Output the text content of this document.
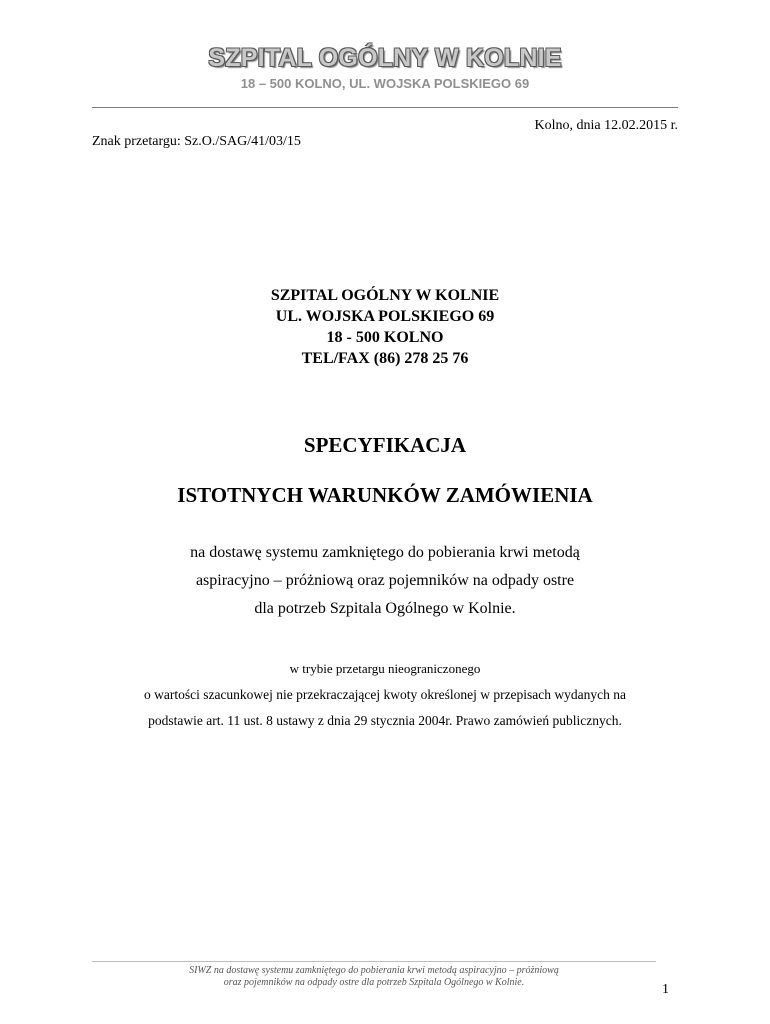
SZPITAL OGÓLNY W KOLNIE
18 – 500 KOLNO, UL. WOJSKA POLSKIEGO 69
Kolno, dnia 12.02.2015 r.
Znak przetargu: Sz.O./SAG/41/03/15
SZPITAL OGÓLNY W KOLNIE
UL. WOJSKA POLSKIEGO 69
18 - 500 KOLNO
TEL/FAX (86) 278 25 76
SPECYFIKACJA
ISTOTNYCH WARUNKÓW ZAMÓWIENIA
na dostawę systemu zamkniętego do pobierania krwi metodą
aspiracyjno – próżniową oraz pojemników na odpady ostre
dla potrzeb Szpitala Ogólnego w Kolnie.
w trybie przetargu nieograniczonego
o wartości szacunkowej nie przekraczającej kwoty określonej w przepisach wydanych na
podstawie art. 11 ust. 8 ustawy z dnia 29 stycznia 2004r. Prawo zamówień publicznych.
SIWZ na dostawę systemu zamkniętego do pobierania krwi metodą aspiracyjno – próżniową
oraz pojemników na odpady ostre dla potrzeb Szpitala Ogólnego w Kolnie.	1
